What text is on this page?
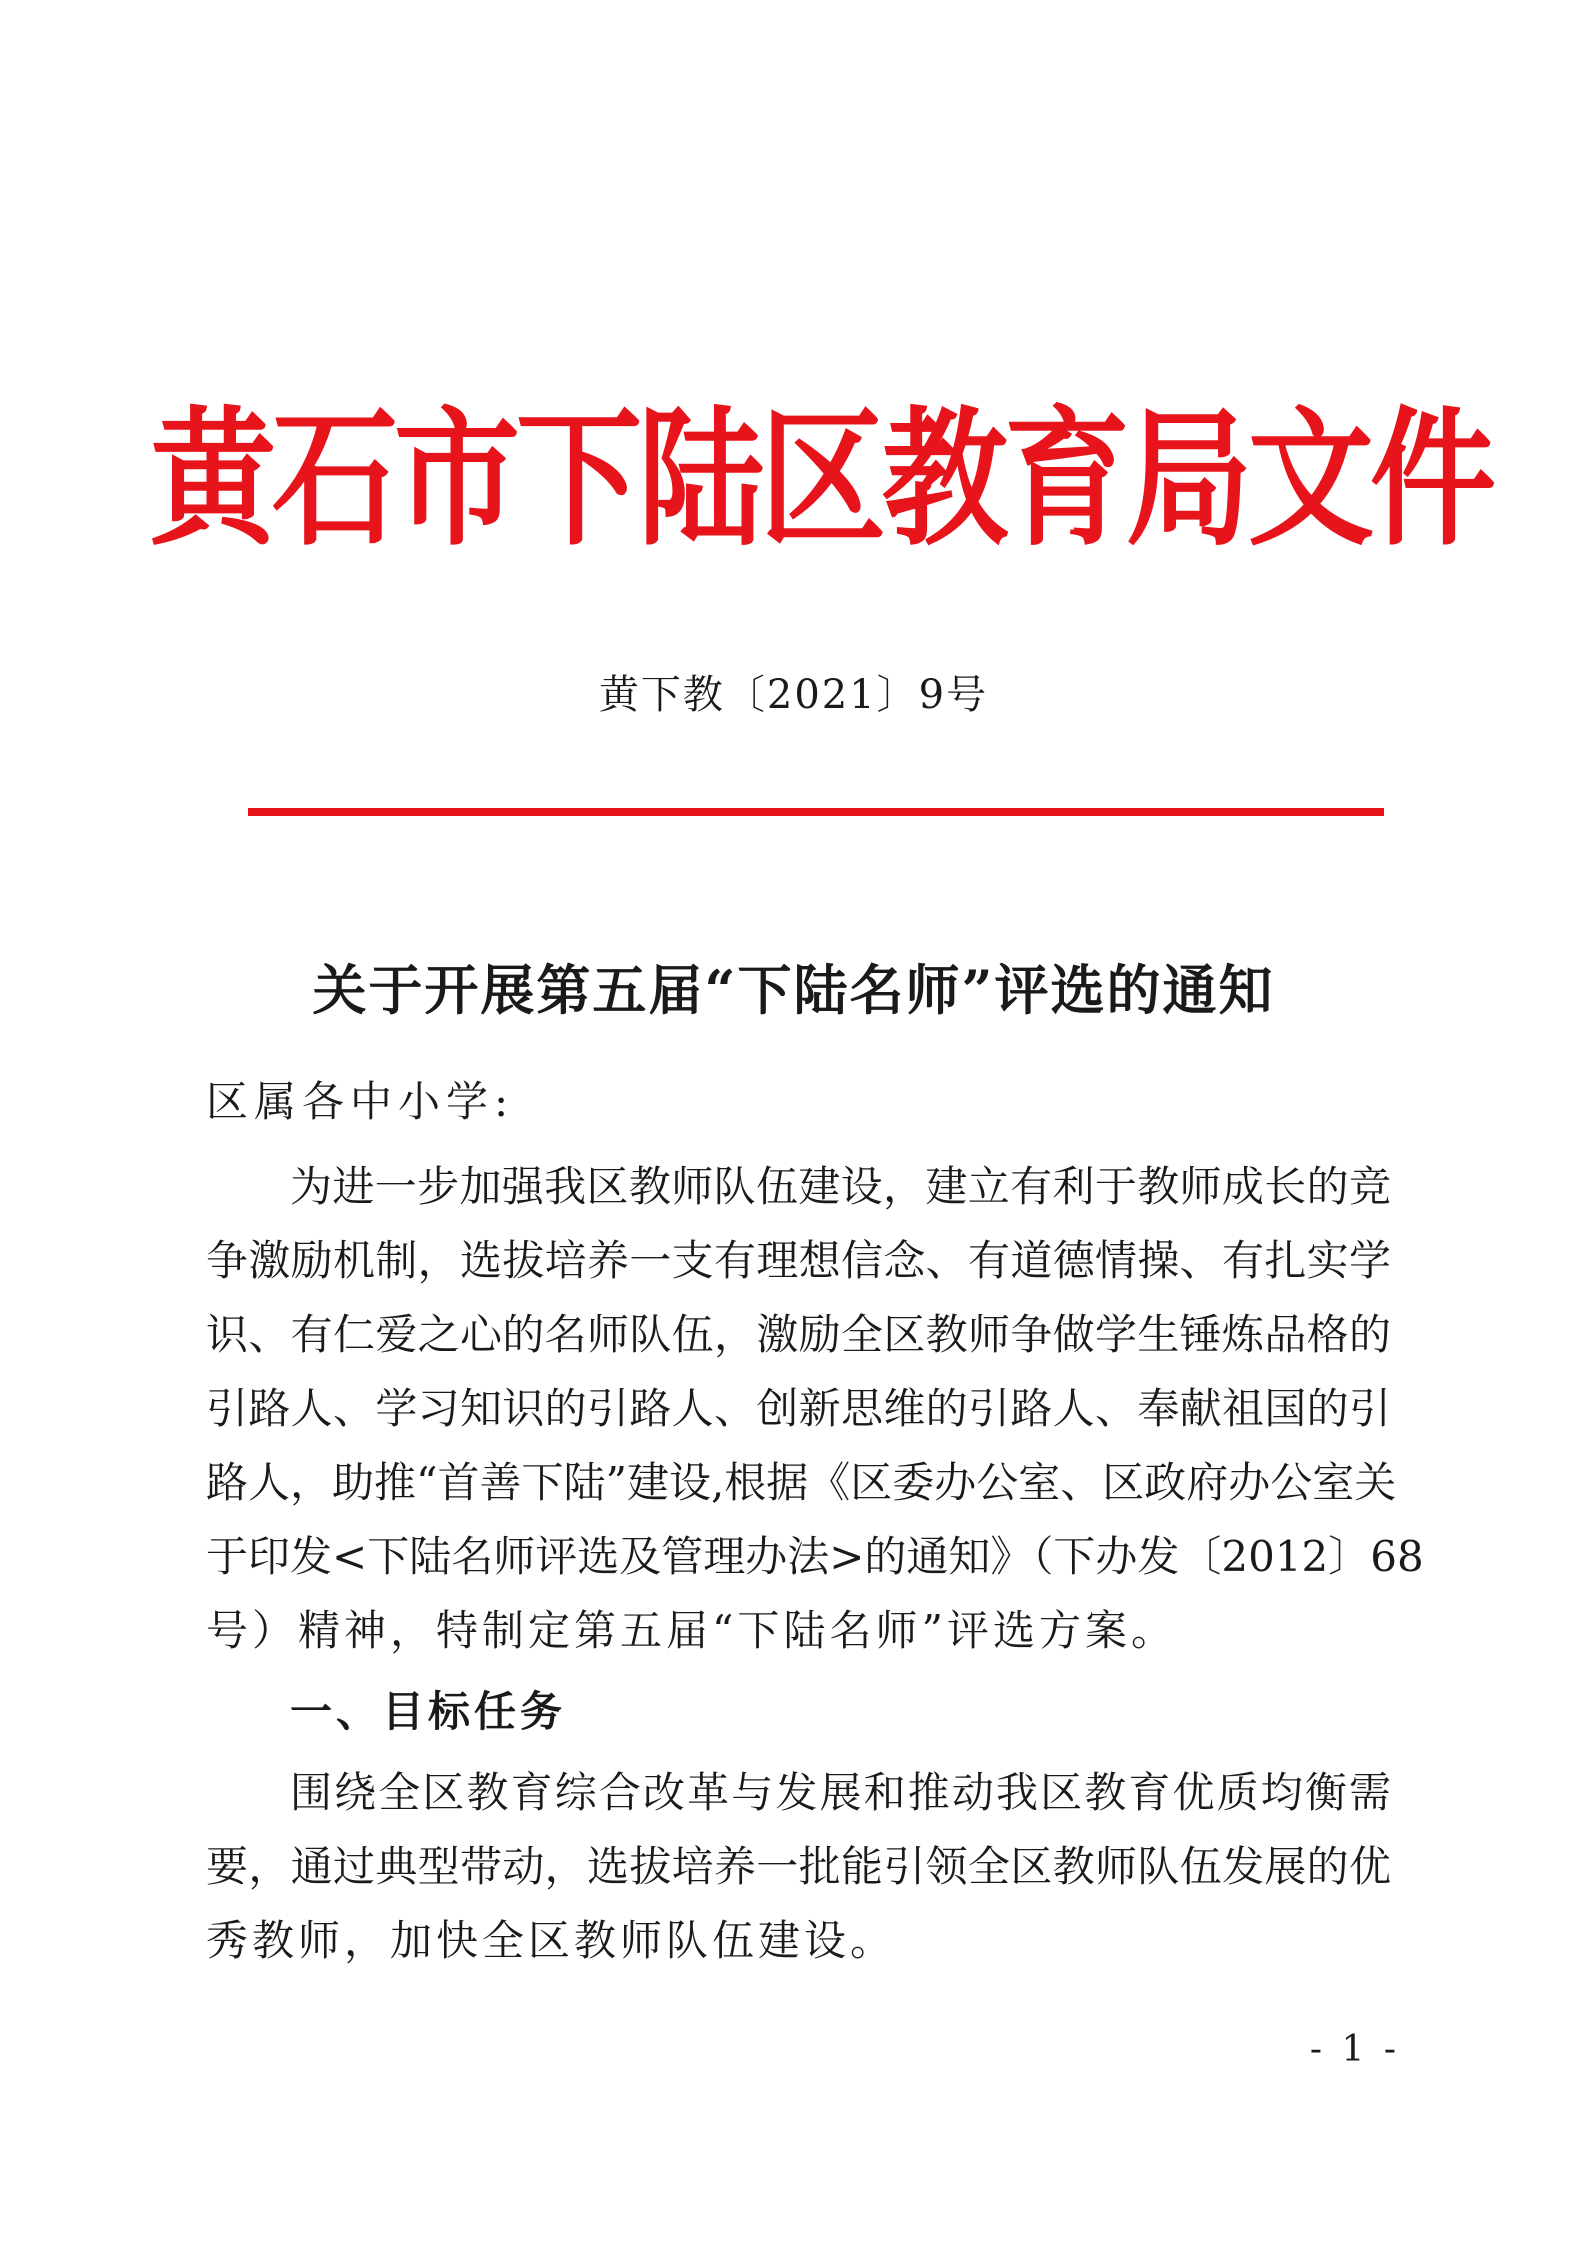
黄石市下陆区教育局文件
黄下教〔2021〕9号
关于开展第五届“下陆名师”评选的通知
区属各中小学:
为进一步加强我区教师队伍建设，建立有利于教师成长的竞
争激励机制，选拔培养一支有理想信念、有道德情操、有扎实学
识、有仁爱之心的名师队伍，激励全区教师争做学生锤炼品格的
引路人、学习知识的引路人、创新思维的引路人、奉献祖国的引
路人，助推“首善下陆”建设,根据《区委办公室、区政府办公室关
于印发<下陆名师评选及管理办法>的通知》（下办发〔2012〕68
号）精神，特制定第五届“下陆名师”评选方案。
一、目标任务
围绕全区教育综合改革与发展和推动我区教育优质均衡需
要，通过典型带动，选拔培养一批能引领全区教师队伍发展的优
秀教师，加快全区教师队伍建设。
- 1 -
